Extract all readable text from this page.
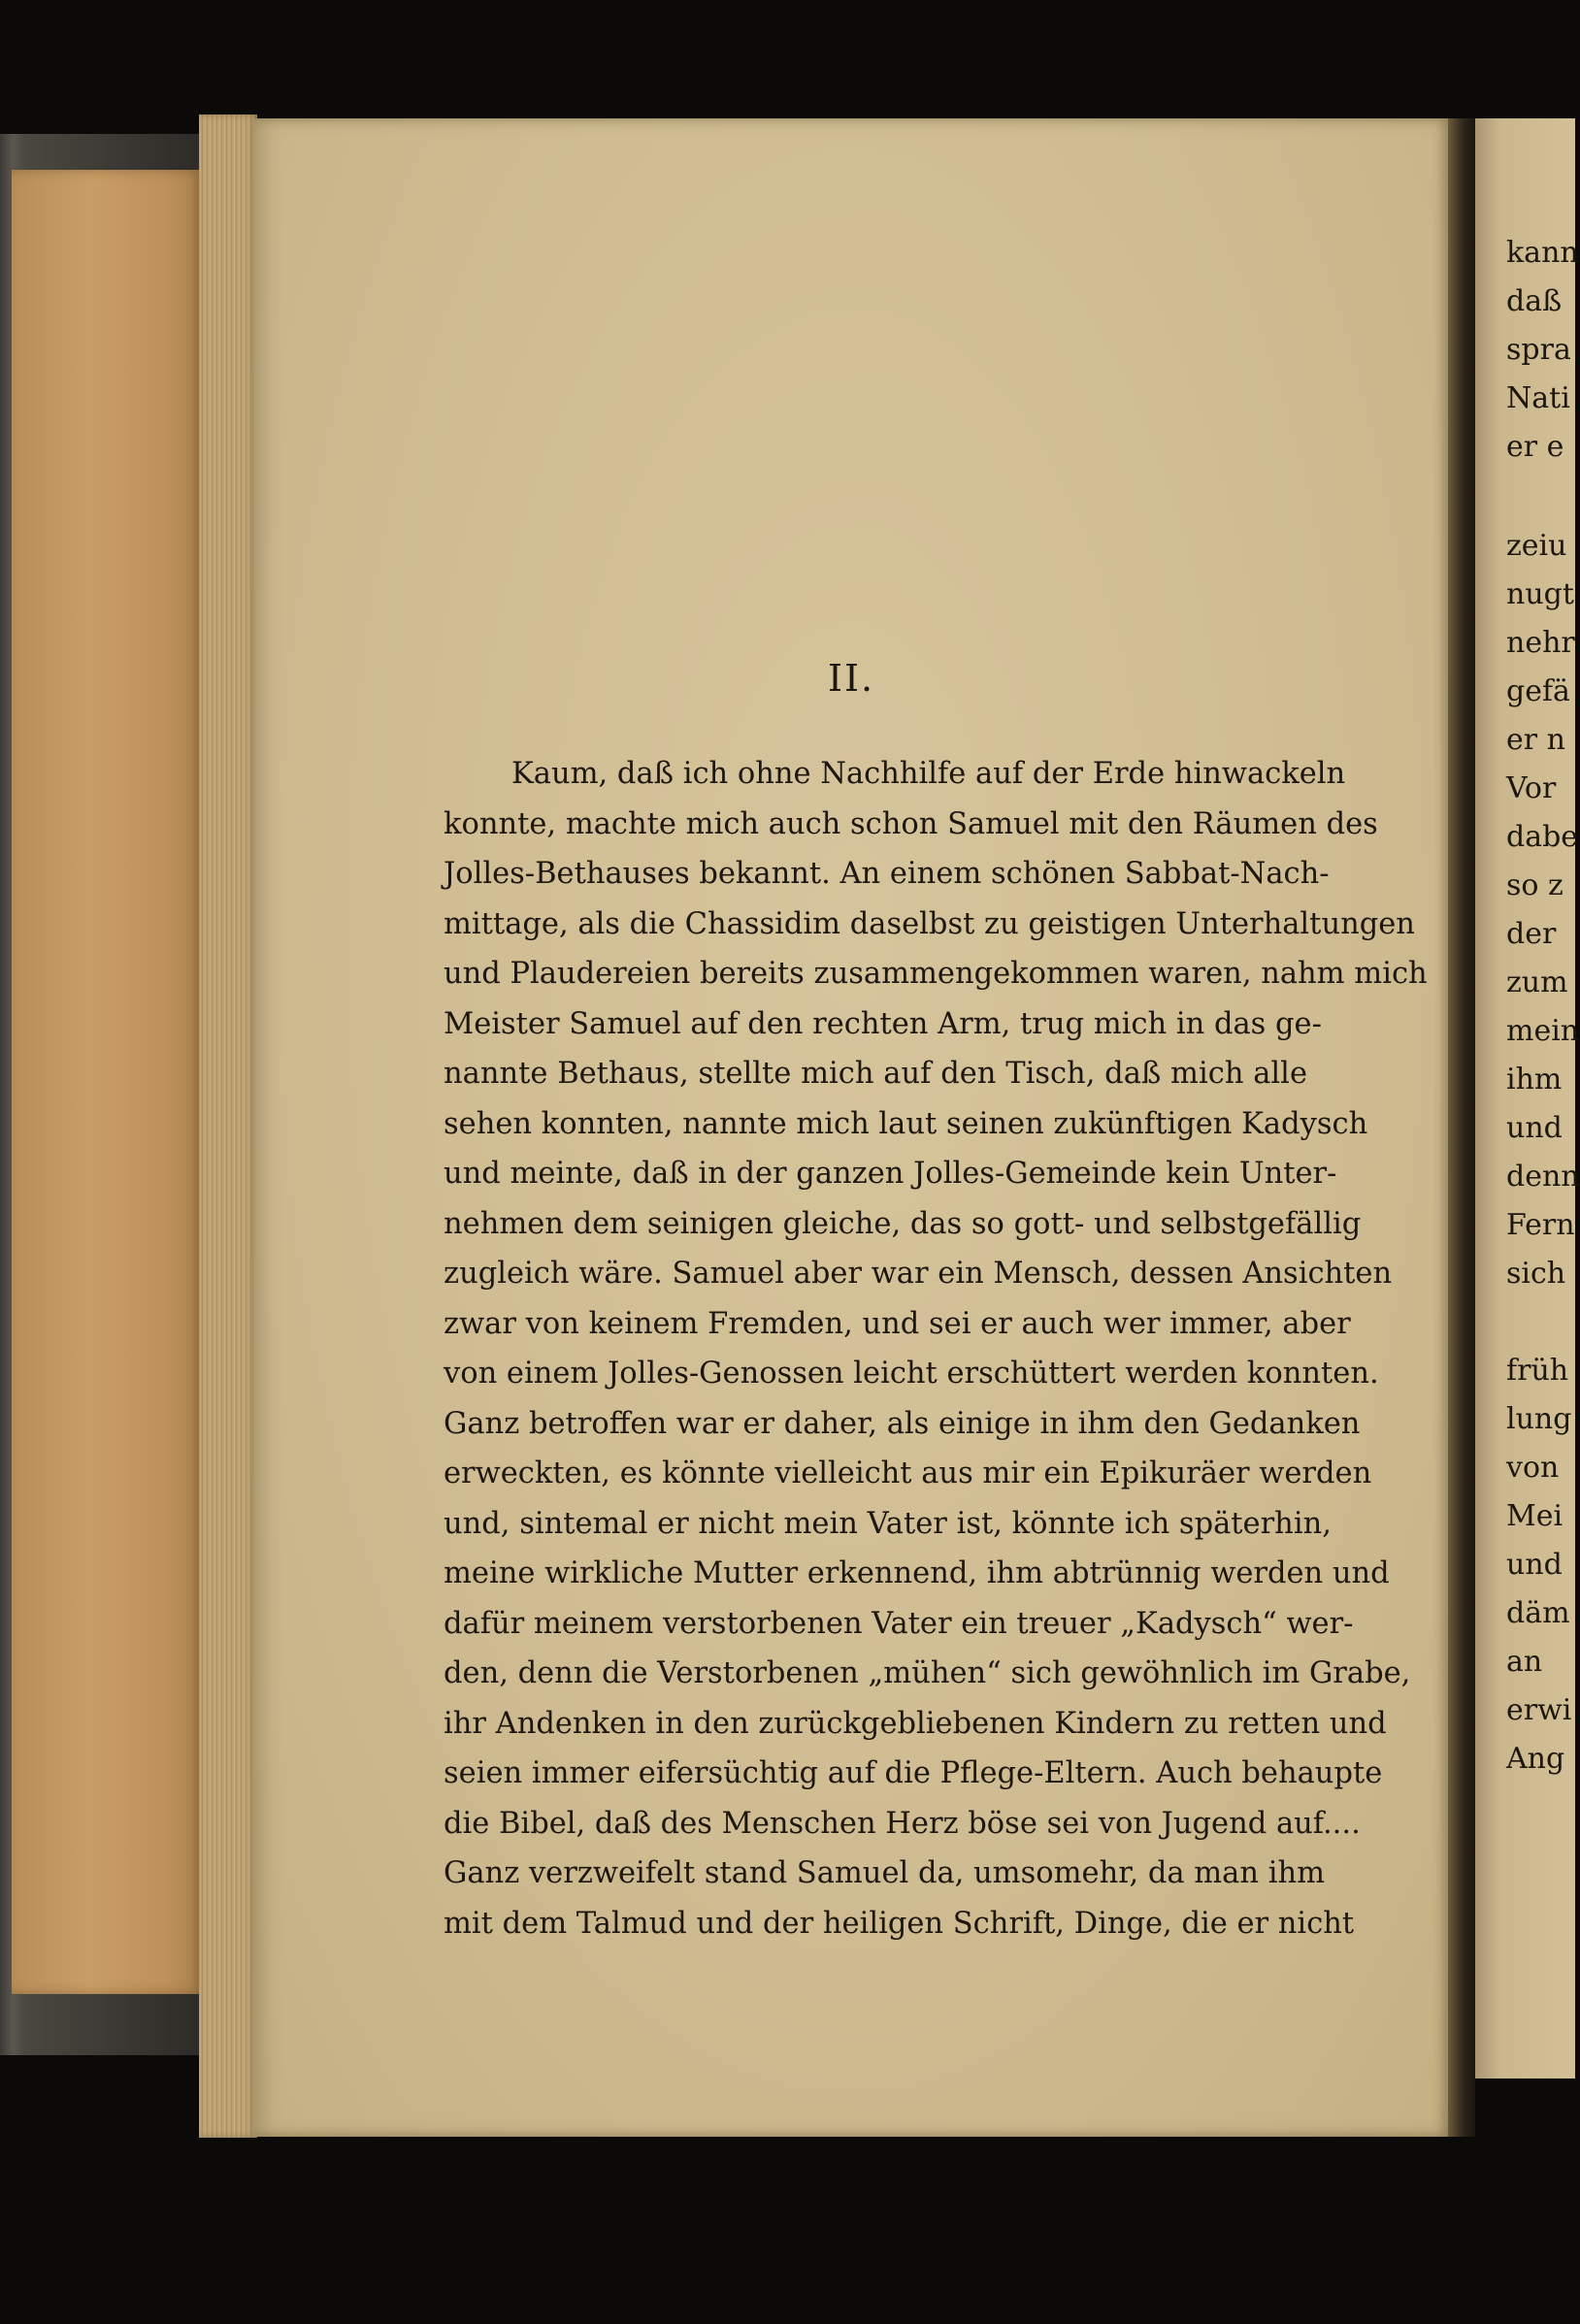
II.
Kaum, daß ich ohne Nachhilfe auf der Erde hinwackeln
konnte, machte mich auch schon Samuel mit den Räumen des
Jolles-Bethauses bekannt. An einem schönen Sabbat-Nach-
mittage, als die Chassidim daselbst zu geistigen Unterhaltungen
und Plaudereien bereits zusammengekommen waren, nahm mich
Meister Samuel auf den rechten Arm, trug mich in das ge-
nannte Bethaus, stellte mich auf den Tisch, daß mich alle
sehen konnten, nannte mich laut seinen zukünftigen Kadysch
und meinte, daß in der ganzen Jolles-Gemeinde kein Unter-
nehmen dem seinigen gleiche, das so gott- und selbstgefällig
zugleich wäre. Samuel aber war ein Mensch, dessen Ansichten
zwar von keinem Fremden, und sei er auch wer immer, aber
von einem Jolles-Genossen leicht erschüttert werden konnten.
Ganz betroffen war er daher, als einige in ihm den Gedanken
erweckten, es könnte vielleicht aus mir ein Epikuräer werden
und, sintemal er nicht mein Vater ist, könnte ich späterhin,
meine wirkliche Mutter erkennend, ihm abtrünnig werden und
dafür meinem verstorbenen Vater ein treuer „Kadysch“ wer-
den, denn die Verstorbenen „mühen“ sich gewöhnlich im Grabe,
ihr Andenken in den zurückgebliebenen Kindern zu retten und
seien immer eifersüchtig auf die Pflege-Eltern. Auch behaupte
die Bibel, daß des Menschen Herz böse sei von Jugend auf....
Ganz verzweifelt stand Samuel da, umsomehr, da man ihm
mit dem Talmud und der heiligen Schrift, Dinge, die er nicht
kann
daß
spra
Nati
er e
zeiu
nugt
nehr
gefä
er n
Vor
dabe
so z
der
zum
mein
ihm
und
denn
Fern
sich
früh
lung
von
Mei
und
däm
an
erwi
Ang
